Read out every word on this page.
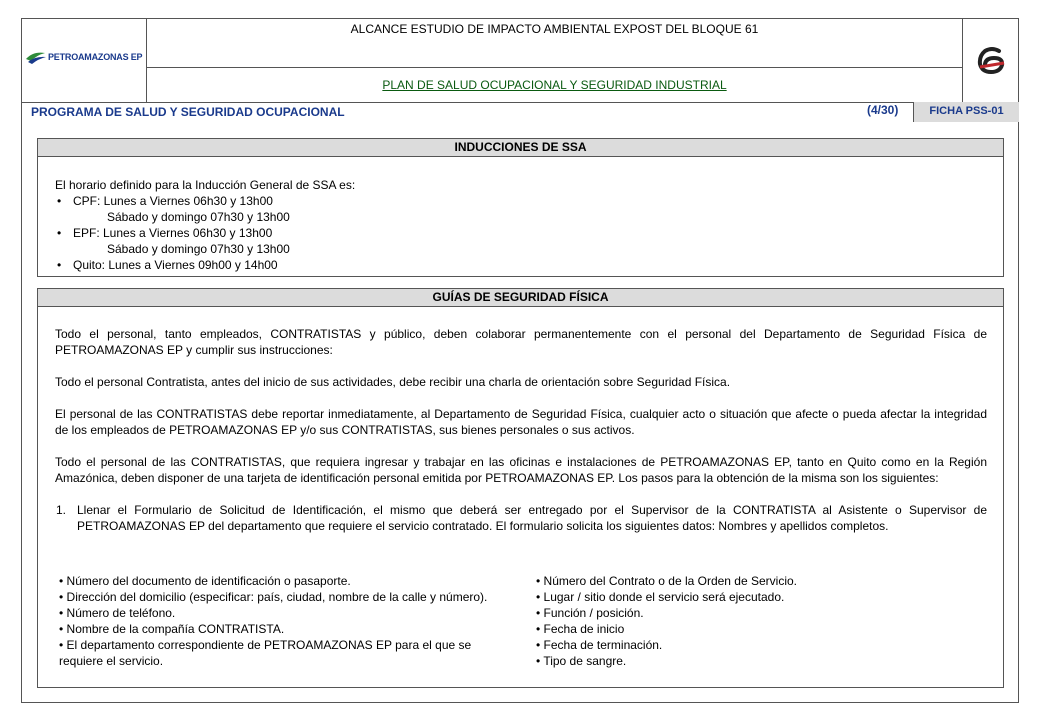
PETROAMAZONAS EP
ALCANCE ESTUDIO DE IMPACTO AMBIENTAL EXPOST DEL BLOQUE 61
PLAN DE SALUD OCUPACIONAL Y SEGURIDAD INDUSTRIAL
PROGRAMA DE SALUD Y SEGURIDAD OCUPACIONAL	(4/30)	FICHA PSS-01
INDUCCIONES DE SSA
El horario definido para la Inducción General de SSA es:
• CPF: Lunes a Viernes 06h30 y 13h00
Sábado y domingo 07h30 y 13h00
• EPF: Lunes a Viernes 06h30 y 13h00
Sábado y domingo 07h30 y 13h00
• Quito: Lunes a Viernes 09h00 y 14h00
GUÍAS DE SEGURIDAD FÍSICA

Todo el personal, tanto empleados, CONTRATISTAS y público, deben colaborar permanentemente con el personal del Departamento de Seguridad Física de PETROAMAZONAS EP y cumplir sus instrucciones:

Todo el personal Contratista, antes del inicio de sus actividades, debe recibir una charla de orientación sobre Seguridad Física.

El personal de las CONTRATISTAS debe reportar inmediatamente, al Departamento de Seguridad Física, cualquier acto o situación que afecte o pueda afectar la integridad de los empleados de PETROAMAZONAS EP y/o sus CONTRATISTAS, sus bienes personales o sus activos.

Todo el personal de las CONTRATISTAS, que requiera ingresar y trabajar en las oficinas e instalaciones de PETROAMAZONAS EP, tanto en Quito como en la Región Amazónica, deben disponer de una tarjeta de identificación personal emitida por PETROAMAZONAS EP. Los pasos para la obtención de la misma son los siguientes:

1. Llenar el Formulario de Solicitud de Identificación, el mismo que deberá ser entregado por el Supervisor de la CONTRATISTA al Asistente o Supervisor de PETROAMAZONAS EP del departamento que requiere el servicio contratado. El formulario solicita los siguientes datos: Nombres y apellidos completos.

• Número del documento de identificación o pasaporte.
• Dirección del domicilio (especificar: país, ciudad, nombre de la calle y número).
• Número de teléfono.
• Nombre de la compañía CONTRATISTA.
• El departamento correspondiente de PETROAMAZONAS EP para el que se requiere el servicio.
• Número del Contrato o de la Orden de Servicio.
• Lugar / sitio donde el servicio será ejecutado.
• Función / posición.
• Fecha de inicio
• Fecha de terminación.
• Tipo de sangre.
